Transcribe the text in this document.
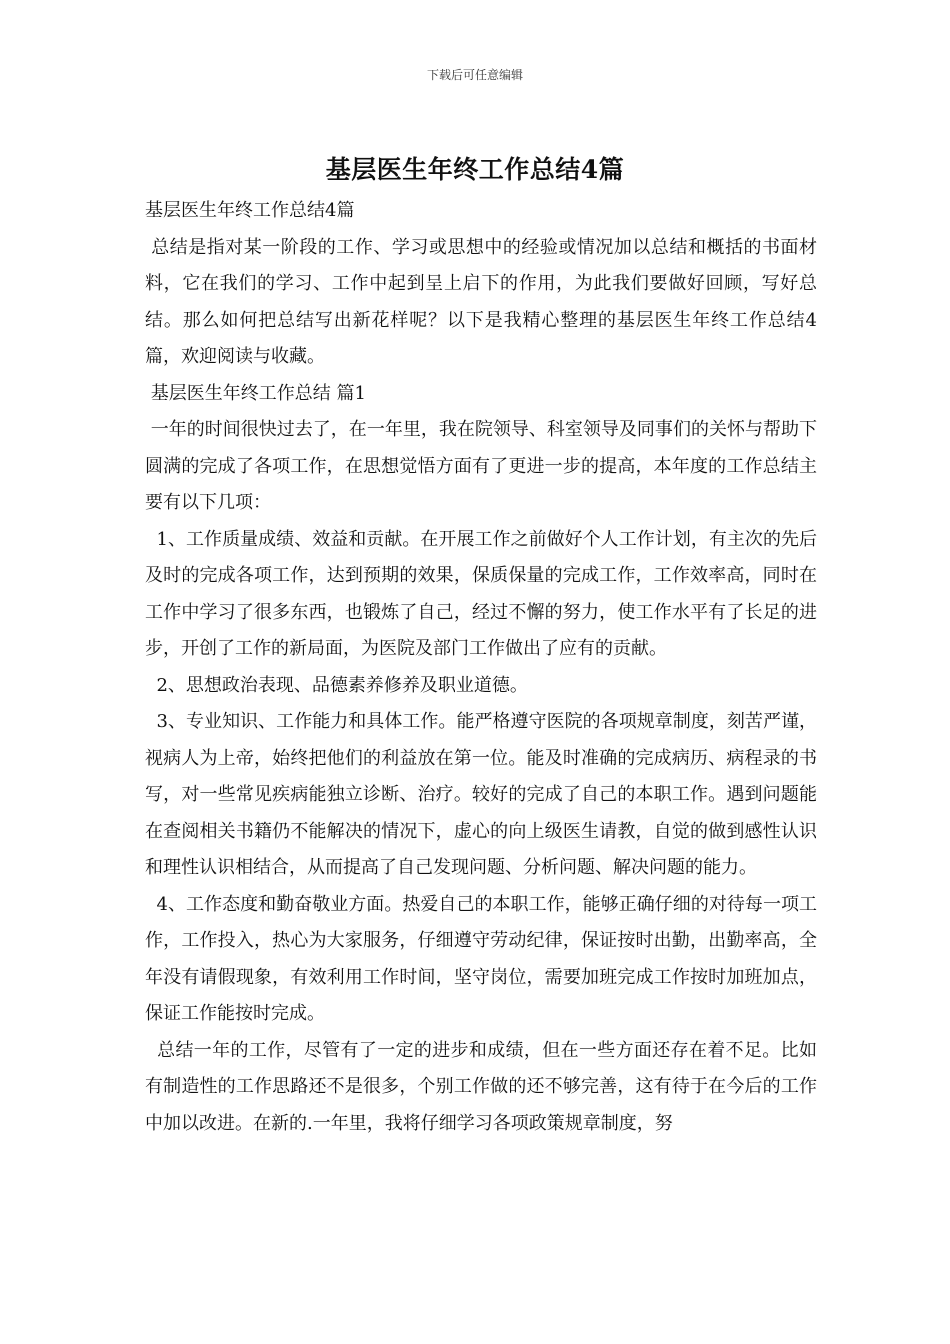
下载后可任意编辑
基层医生年终工作总结4篇

基层医生年终工作总结4篇

总结是指对某一阶段的工作、学习或思想中的经验或情况加以总结和概括的书面材料，它在我们的学习、工作中起到呈上启下的作用，为此我们要做好回顾，写好总结。那么如何把总结写出新花样呢？以下是我精心整理的基层医生年终工作总结4篇，欢迎阅读与收藏。

基层医生年终工作总结 篇1

一年的时间很快过去了，在一年里，我在院领导、科室领导及同事们的关怀与帮助下圆满的完成了各项工作，在思想觉悟方面有了更进一步的提高，本年度的工作总结主要有以下几项：

1、工作质量成绩、效益和贡献。在开展工作之前做好个人工作计划，有主次的先后及时的完成各项工作，达到预期的效果，保质保量的完成工作，工作效率高，同时在工作中学习了很多东西，也锻炼了自己，经过不懈的努力，使工作水平有了长足的进步，开创了工作的新局面，为医院及部门工作做出了应有的贡献。

2、思想政治表现、品德素养修养及职业道德。

3、专业知识、工作能力和具体工作。能严格遵守医院的各项规章制度，刻苦严谨，视病人为上帝，始终把他们的利益放在第一位。能及时准确的完成病历、病程录的书写，对一些常见疾病能独立诊断、治疗。较好的完成了自己的本职工作。遇到问题能在查阅相关书籍仍不能解决的情况下，虚心的向上级医生请教，自觉的做到感性认识和理性认识相结合，从而提高了自己发现问题、分析问题、解决问题的能力。

4、工作态度和勤奋敬业方面。热爱自己的本职工作，能够正确仔细的对待每一项工作，工作投入，热心为大家服务，仔细遵守劳动纪律，保证按时出勤，出勤率高，全年没有请假现象，有效利用工作时间，坚守岗位，需要加班完成工作按时加班加点，保证工作能按时完成。

总结一年的工作，尽管有了一定的进步和成绩，但在一些方面还存在着不足。比如有制造性的工作思路还不是很多，个别工作做的还不够完善，这有待于在今后的工作中加以改进。在新的.一年里，我将仔细学习各项政策规章制度，努
